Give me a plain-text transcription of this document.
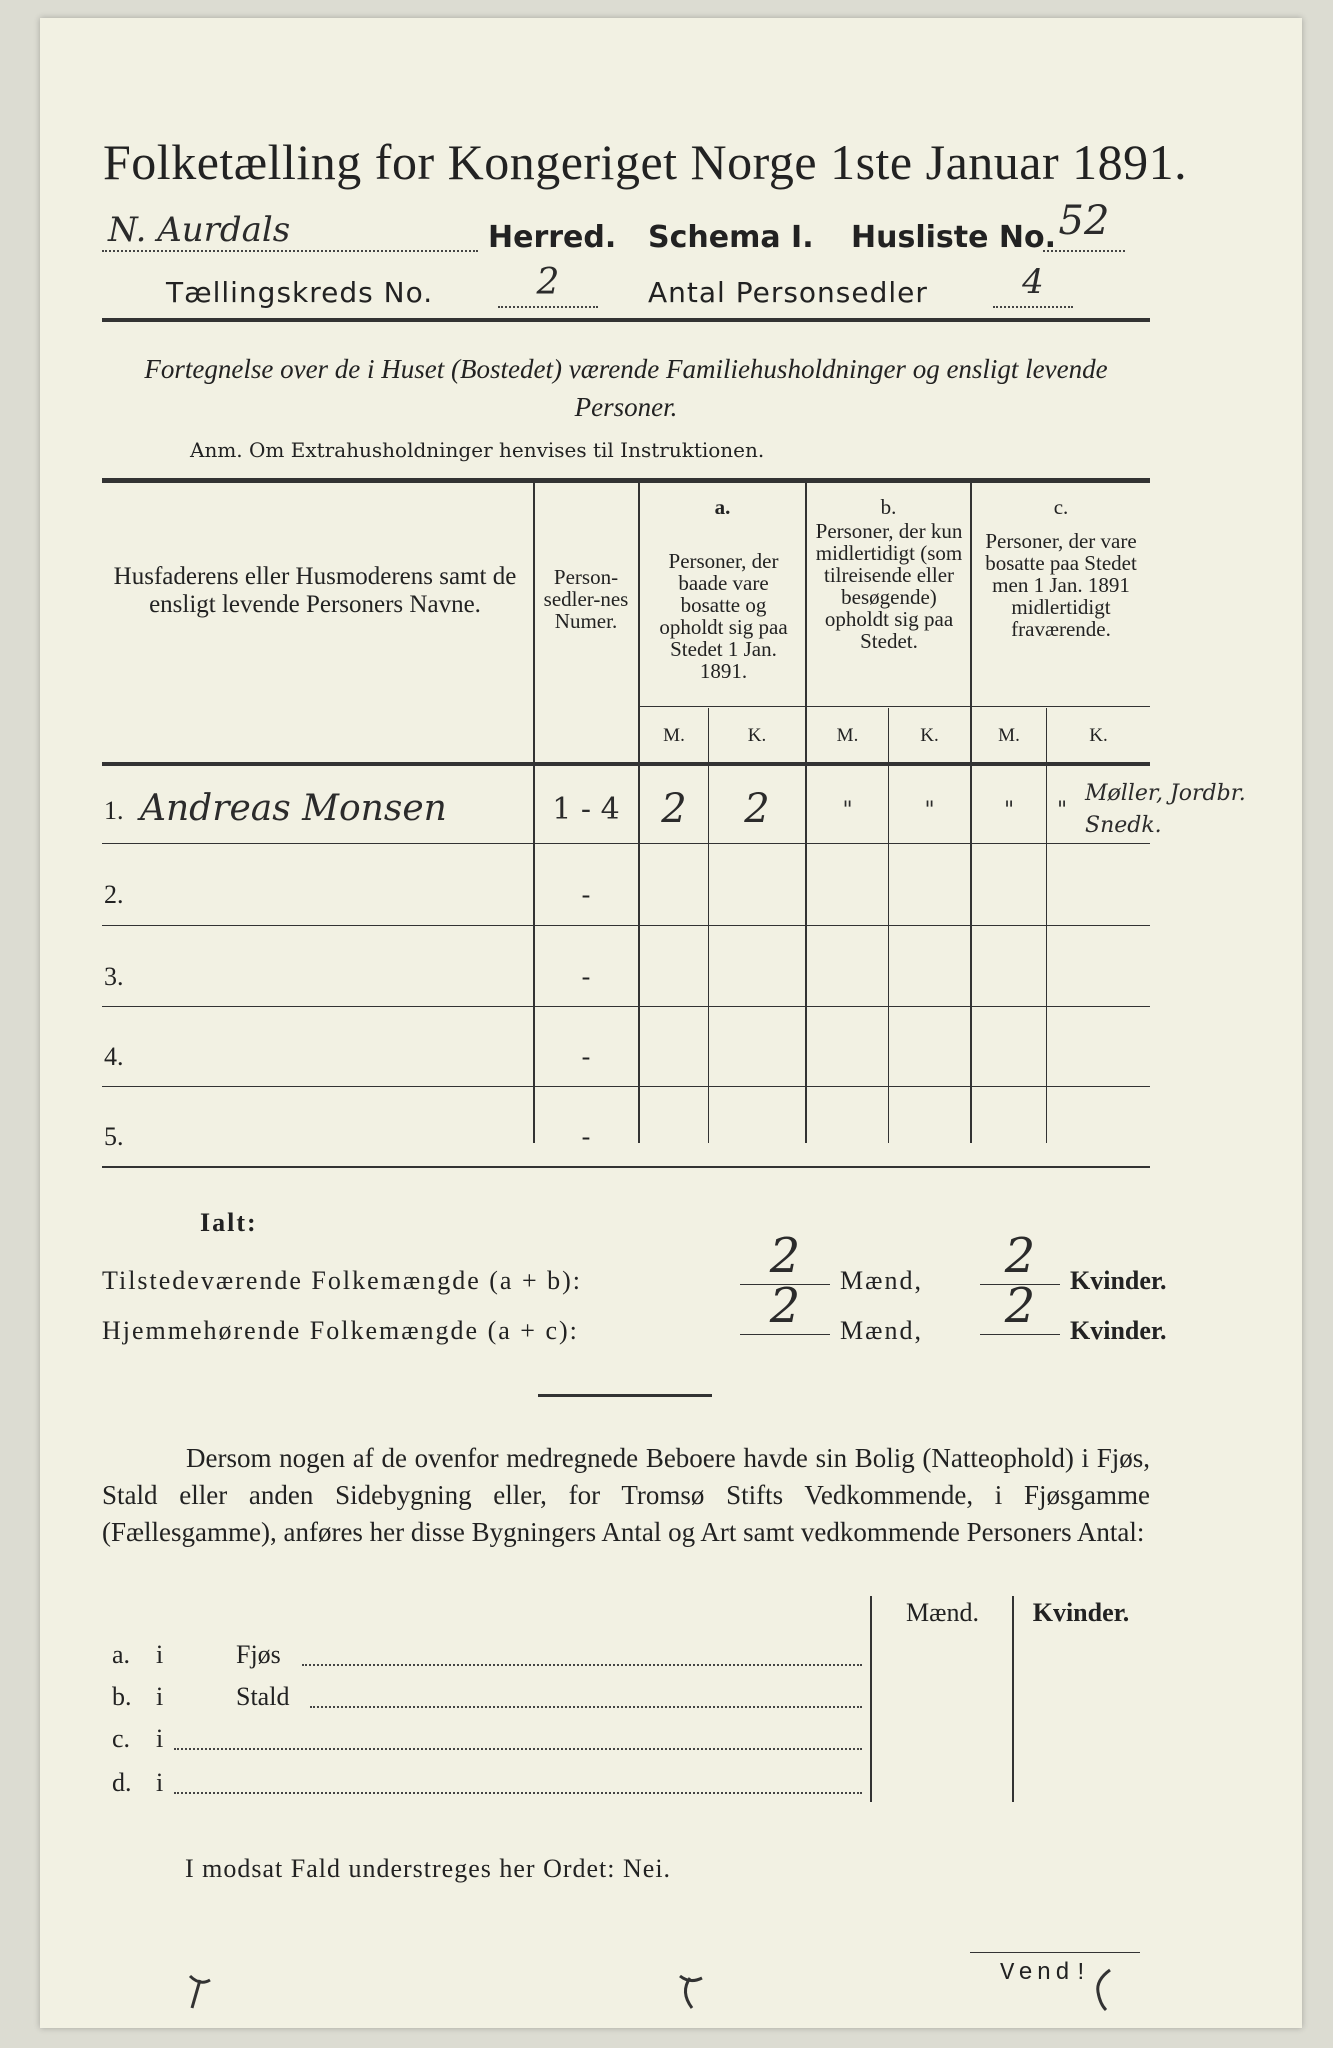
Folketælling for Kongeriget Norge 1ste Januar 1891.
N. Aurdals	Herred. Schema I. Husliste No. 52
Tællingskreds No.	2	Antal Personsedler	4
Fortegnelse over de i Huset (Bostedet) værende Familiehusholdninger og ensligt levende Personer.
Anm. Om Extrahusholdninger henvises til Instruktionen.
Husfaderens eller Husmoderens samt de ensligt levende Personers Navne.
Person-sedler-nes Numer.
a.
Personer, der baade vare bosatte og opholdt sig paa Stedet 1 Jan. 1891.
b.
Personer, der kun midlertidigt (som tilreisende eller besøgende) opholdt sig paa Stedet.
c.
Personer, der vare bosatte paa Stedet men 1 Jan. 1891 midlertidigt fraværende.
M.	K.	M.	K.	M.	K.
1. Andreas Monsen	1 - 4	2	2	"	"	"	"
Møller, Jordbr. Snedk.
2.	-
3.	-
4.	-
5.	-
Ialt:
Tilstedeværende Folkemængde (a + b):	2	Mænd,	2	Kvinder.
Hjemmehørende Folkemængde (a + c):	2	Mænd,	2	Kvinder.
Dersom nogen af de ovenfor medregnede Beboere havde sin Bolig (Natteophold) i Fjøs, Stald eller anden Sidebygning eller, for Tromsø Stifts Vedkommende, i Fjøsgamme (Fællesgamme), anføres her disse Bygningers Antal og Art samt vedkommende Personers Antal:
Mænd.	Kvinder.
a. i	Fjøs
b. i	Stald
c. i
d. i
I modsat Fald understreges her Ordet: Nei.
Vend!
